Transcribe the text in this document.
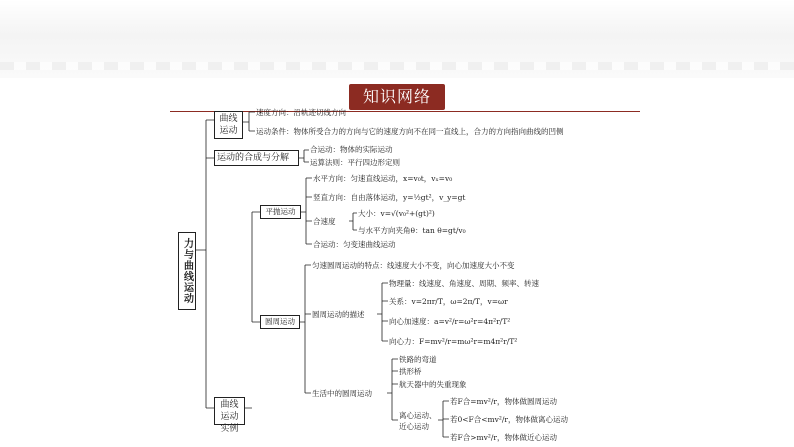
知识网络
力与曲线运动
曲线运动
速度方向：沿轨迹切线方向
运动条件：物体所受合力的方向与它的速度方向不在同一直线上，合力的方向指向曲线的凹侧
运动的合成与分解
合运动：物体的实际运动
运算法则：平行四边形定则
曲线运动实例
平抛运动
水平方向：匀速直线运动，x=v₀t，vₓ=v₀
竖直方向：自由落体运动，y=½gt²，v_y=gt
合速度
大小：v=√(v₀²+(gt)²)
与水平方向夹角θ：tan θ=gt/v₀
合运动：匀变速曲线运动
圆周运动
匀速圆周运动的特点：线速度大小不变，向心加速度大小不变
圆周运动的描述
物理量：线速度、角速度、周期、频率、转速
关系：v=2πr/T，ω=2π/T，v=ωr
向心加速度：a=v²/r=ω²r=4π²r/T²
向心力：F=mv²/r=mω²r=m4π²r/T²
生活中的圆周运动
铁路的弯道
拱形桥
航天器中的失重现象
离心运动、近心运动
若F合=mv²/r，物体做圆周运动
若0<F合<mv²/r，物体做离心运动
若F合>mv²/r，物体做近心运动
